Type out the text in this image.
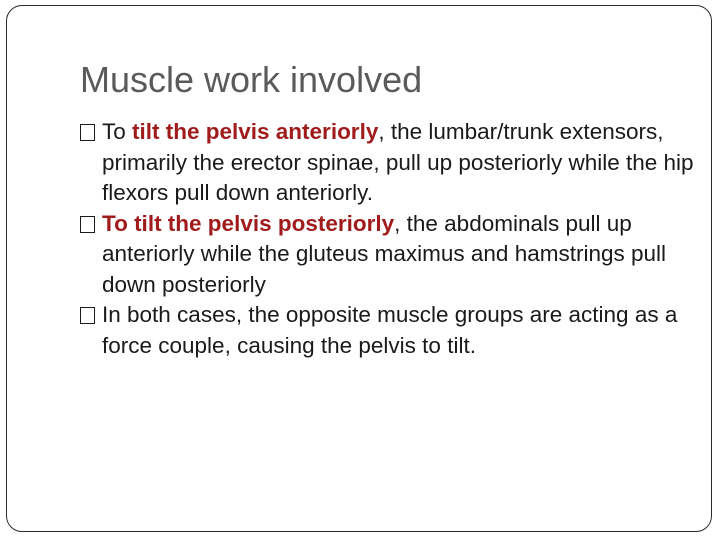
Muscle work involved
To tilt the pelvis anteriorly, the lumbar/trunk extensors, primarily the erector spinae, pull up posteriorly while the hip flexors pull down anteriorly.
To tilt the pelvis posteriorly, the abdominals pull up anteriorly while the gluteus maximus and hamstrings pull down posteriorly
In both cases, the opposite muscle groups are acting as a force couple, causing the pelvis to tilt.
